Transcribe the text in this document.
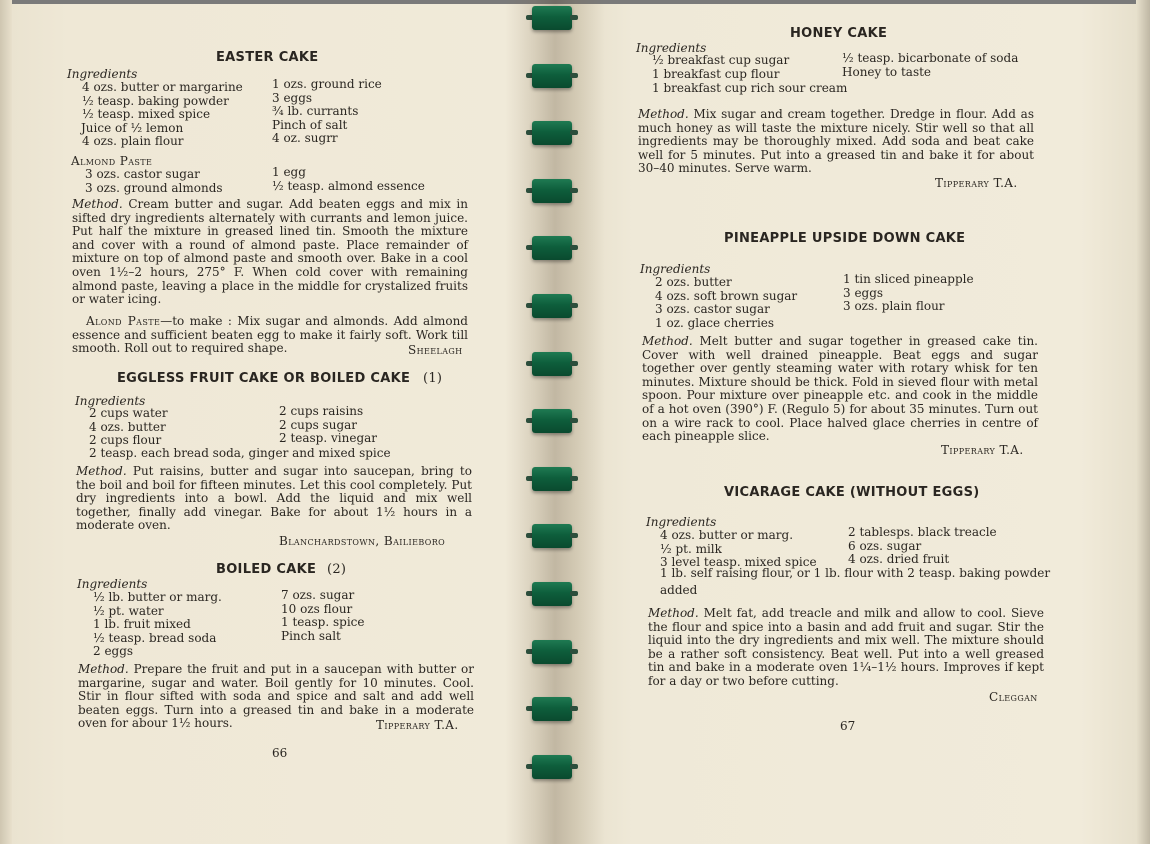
EASTER CAKE
Ingredients
4 ozs. butter or margarine
½ teasp. baking powder
½ teasp. mixed spice
Juice of ½ lemon
4 ozs. plain flour
1 ozs. ground rice
3 eggs
¾ lb. currants
Pinch of salt
4 oz. sugrr
Almond Paste
3 ozs. castor sugar
3 ozs. ground almonds
1 egg
½ teasp. almond essence
Method. Cream butter and sugar. Add beaten eggs and mix in sifted dry ingredients alternately with currants and lemon juice. Put half the mixture in greased lined tin. Smooth the mixture and cover with a round of almond paste. Place remainder of mixture on top of almond paste and smooth over. Bake in a cool oven 1½–2 hours, 275° F. When cold cover with remaining almond paste, leaving a place in the middle for crystalized fruits or water icing.
Alond Paste—to make : Mix sugar and almonds. Add almond essence and sufficient beaten egg to make it fairly soft. Work till smooth. Roll out to required shape.	Sheelagh
EGGLESS FRUIT CAKE OR BOILED CAKE (1)
Ingredients
2 cups water
4 ozs. butter
2 cups flour
2 cups raisins
2 cups sugar
2 teasp. vinegar
2 teasp. each bread soda, ginger and mixed spice
Method. Put raisins, butter and sugar into saucepan, bring to the boil and boil for fifteen minutes. Let this cool completely. Put dry ingredients into a bowl. Add the liquid and mix well together, finally add vinegar. Bake for about 1½ hours in a moderate oven.
Blanchardstown, Bailieboro
BOILED CAKE (2)
Ingredients
½ lb. butter or marg.
½ pt. water
1 lb. fruit mixed
½ teasp. bread soda
2 eggs
7 ozs. sugar
10 ozs flour
1 teasp. spice
Pinch salt
Method. Prepare the fruit and put in a saucepan with butter or margarine, sugar and water. Boil gently for 10 minutes. Cool. Stir in flour sifted with soda and spice and salt and add well beaten eggs. Turn into a greased tin and bake in a moderate oven for abour 1½ hours.	Tipperary T.A.
66
HONEY CAKE
Ingredients
½ breakfast cup sugar
1 breakfast cup flour
½ teasp. bicarbonate of soda
Honey to taste
1 breakfast cup rich sour cream
Method. Mix sugar and cream together. Dredge in flour. Add as much honey as will taste the mixture nicely. Stir well so that all ingredients may be thoroughly mixed. Add soda and beat cake well for 5 minutes. Put into a greased tin and bake it for about 30–40 minutes. Serve warm.
Tipperary T.A.
PINEAPPLE UPSIDE DOWN CAKE
Ingredients
2 ozs. butter
4 ozs. soft brown sugar
3 ozs. castor sugar
1 oz. glace cherries
1 tin sliced pineapple
3 eggs
3 ozs. plain flour
Method. Melt butter and sugar together in greased cake tin. Cover with well drained pineapple. Beat eggs and sugar together over gently steaming water with rotary whisk for ten minutes. Mixture should be thick. Fold in sieved flour with metal spoon. Pour mixture over pineapple etc. and cook in the middle of a hot oven (390°) F. (Regulo 5) for about 35 minutes. Turn out on a wire rack to cool. Place halved glace cherries in centre of each pineapple slice.
Tipperary T.A.
VICARAGE CAKE (WITHOUT EGGS)
Ingredients
4 ozs. butter or marg.
½ pt. milk
3 level teasp. mixed spice
2 tablesps. black treacle
6 ozs. sugar
4 ozs. dried fruit
1 lb. self raising flour, or 1 lb. flour with 2 teasp. baking powder
added
Method. Melt fat, add treacle and milk and allow to cool. Sieve the flour and spice into a basin and add fruit and sugar. Stir the liquid into the dry ingredients and mix well. The mixture should be a rather soft consistency. Beat well. Put into a well greased tin and bake in a moderate oven 1¼–1½ hours. Improves if kept for a day or two before cutting.
Cleggan
67
